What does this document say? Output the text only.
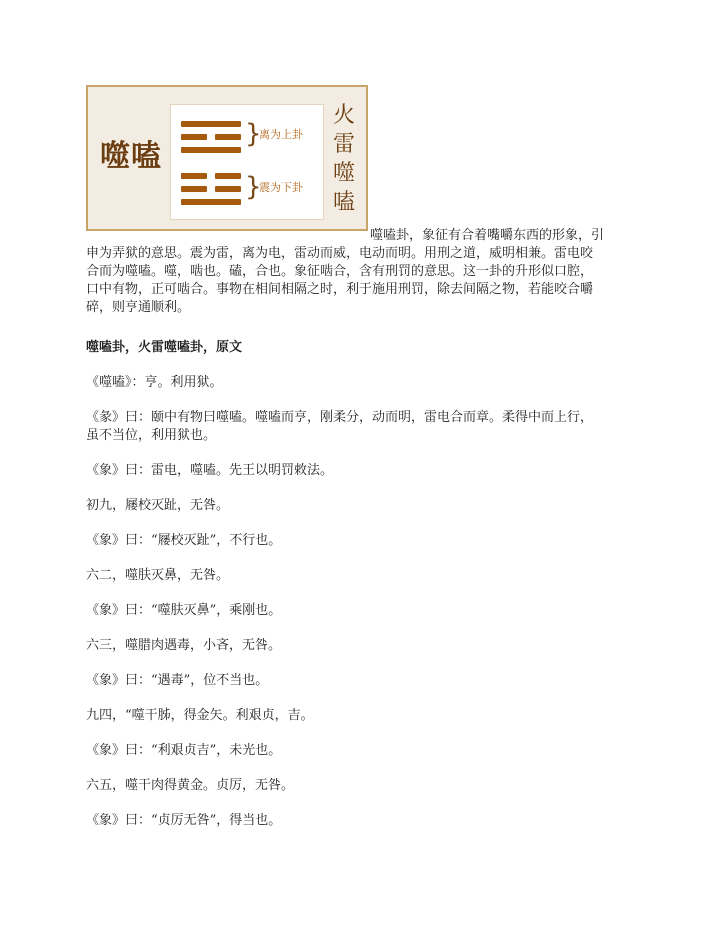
噬嗑
}
离为上卦
}
震为下卦
火雷噬嗑
噬嗑卦，象征有合着嘴嚼东西的形象，引
申为弄狱的意思。震为雷，离为电，雷动而威，电动而明。用刑之道，威明相兼。雷电咬
合而为噬嗑。噬，啮也。磕，合也。象征啮合，含有刑罚的意思。这一卦的升形似口腔，
口中有物，正可啮合。事物在相间相隔之时，利于施用刑罚，除去间隔之物，若能咬合嚼
碎，则亨通顺利。
噬嗑卦，火雷噬嗑卦，原文
《噬嗑》：亨。利用狱。
《彖》曰：颐中有物曰噬嗑。噬嗑而亨，刚柔分，动而明，雷电合而章。柔得中而上行，
虽不当位，利用狱也。
《象》曰：雷电，噬嗑。先王以明罚敕法。
初九，屦校灭趾，无咎。
《象》曰：“屦校灭趾”，不行也。
六二，噬肤灭鼻，无咎。
《象》曰：“噬肤灭鼻”，乘刚也。
六三，噬腊肉遇毒，小吝，无咎。
《象》曰：“遇毒”，位不当也。
九四，“噬干胏，得金矢。利艰贞，吉。
《象》曰：“利艰贞吉”，未光也。
六五，噬干肉得黄金。贞厉，无咎。
《象》曰：“贞厉无咎”，得当也。
